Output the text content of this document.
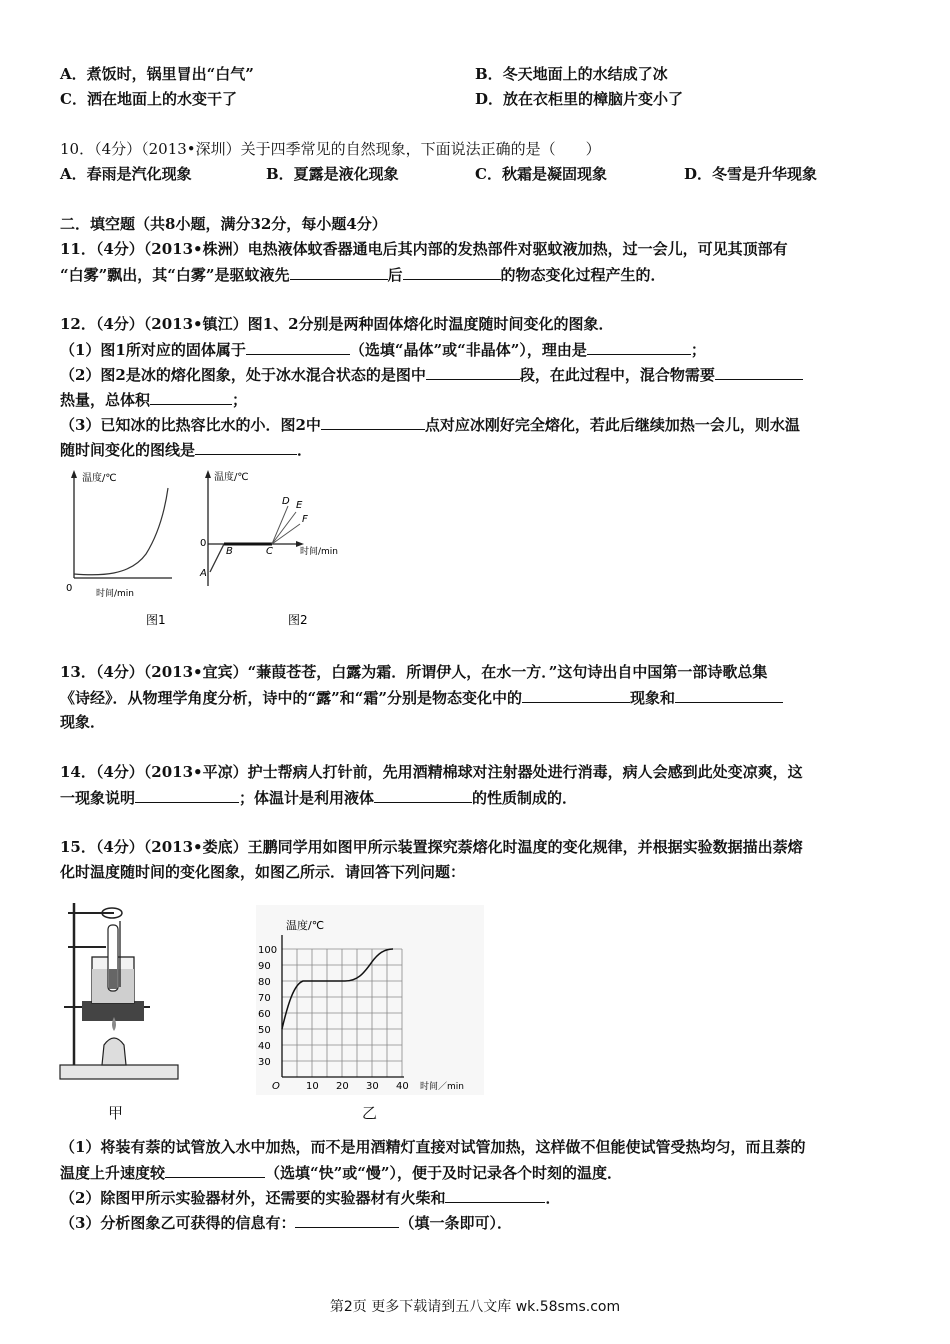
A．煮饭时，锅里冒出“白气”	B．冬天地面上的水结成了冰
C．洒在地面上的水变干了	D．放在衣柜里的樟脑片变小了
10．（4分）（2013•深圳）关于四季常见的自然现象，下面说法正确的是（　　）
A．春雨是汽化现象	B．夏露是液化现象	C．秋霜是凝固现象	D．冬雪是升华现象
二．填空题（共8小题，满分32分，每小题4分）
11．（4分）（2013•株洲）电热液体蚊香器通电后其内部的发热部件对驱蚊液加热，过一会儿，可见其顶部有
“白雾”飘出，其“白雾”是驱蚊液先	后	的物态变化过程产生的．
12．（4分）（2013•镇江）图1、2分别是两种固体熔化时温度随时间变化的图象．
（1）图1所对应的固体属于	（选填“晶体”或“非晶体”），理由是	；
（2）图2是冰的熔化图象，处于冰水混合状态的是图中	段，在此过程中，混合物需要
热量，总体积	；
（3）已知冰的比热容比水的小．图2中	点对应冰刚好完全熔化，若此后继续加热一会儿，则水温
随时间变化的图线是	．
温度/℃
0	时间/min
图1
温度/℃
0
时间/min
A
B	C
D E
F
图2
13．（4分）（2013•宜宾）“蒹葭苍苍，白露为霜．所谓伊人，在水一方．”这句诗出自中国第一部诗歌总集
《诗经》．从物理学角度分析，诗中的“露”和“霜”分别是物态变化中的	现象和
现象．
14．（4分）（2013•平凉）护士帮病人打针前，先用酒精棉球对注射器处进行消毒，病人会感到此处变凉爽，这
一现象说明	；体温计是利用液体	的性质制成的．
15．（4分）（2013•娄底）王鹏同学用如图甲所示装置探究萘熔化时温度的变化规律，并根据实验数据描出萘熔
化时温度随时间的变化图象，如图乙所示．请回答下列问题：
甲
100
90
80
70
60
50
40
30
10 20 30 40
温度/℃
O	时间／min
乙
（1）将装有萘的试管放入水中加热，而不是用酒精灯直接对试管加热，这样做不但能使试管受热均匀，而且萘的
温度上升速度较	（选填“快”或“慢”），便于及时记录各个时刻的温度．
（2）除图甲所示实验器材外，还需要的实验器材有火柴和	．
（3）分析图象乙可获得的信息有：	（填一条即可）．
第2页 更多下载请到五八文库 wk.58sms.com
